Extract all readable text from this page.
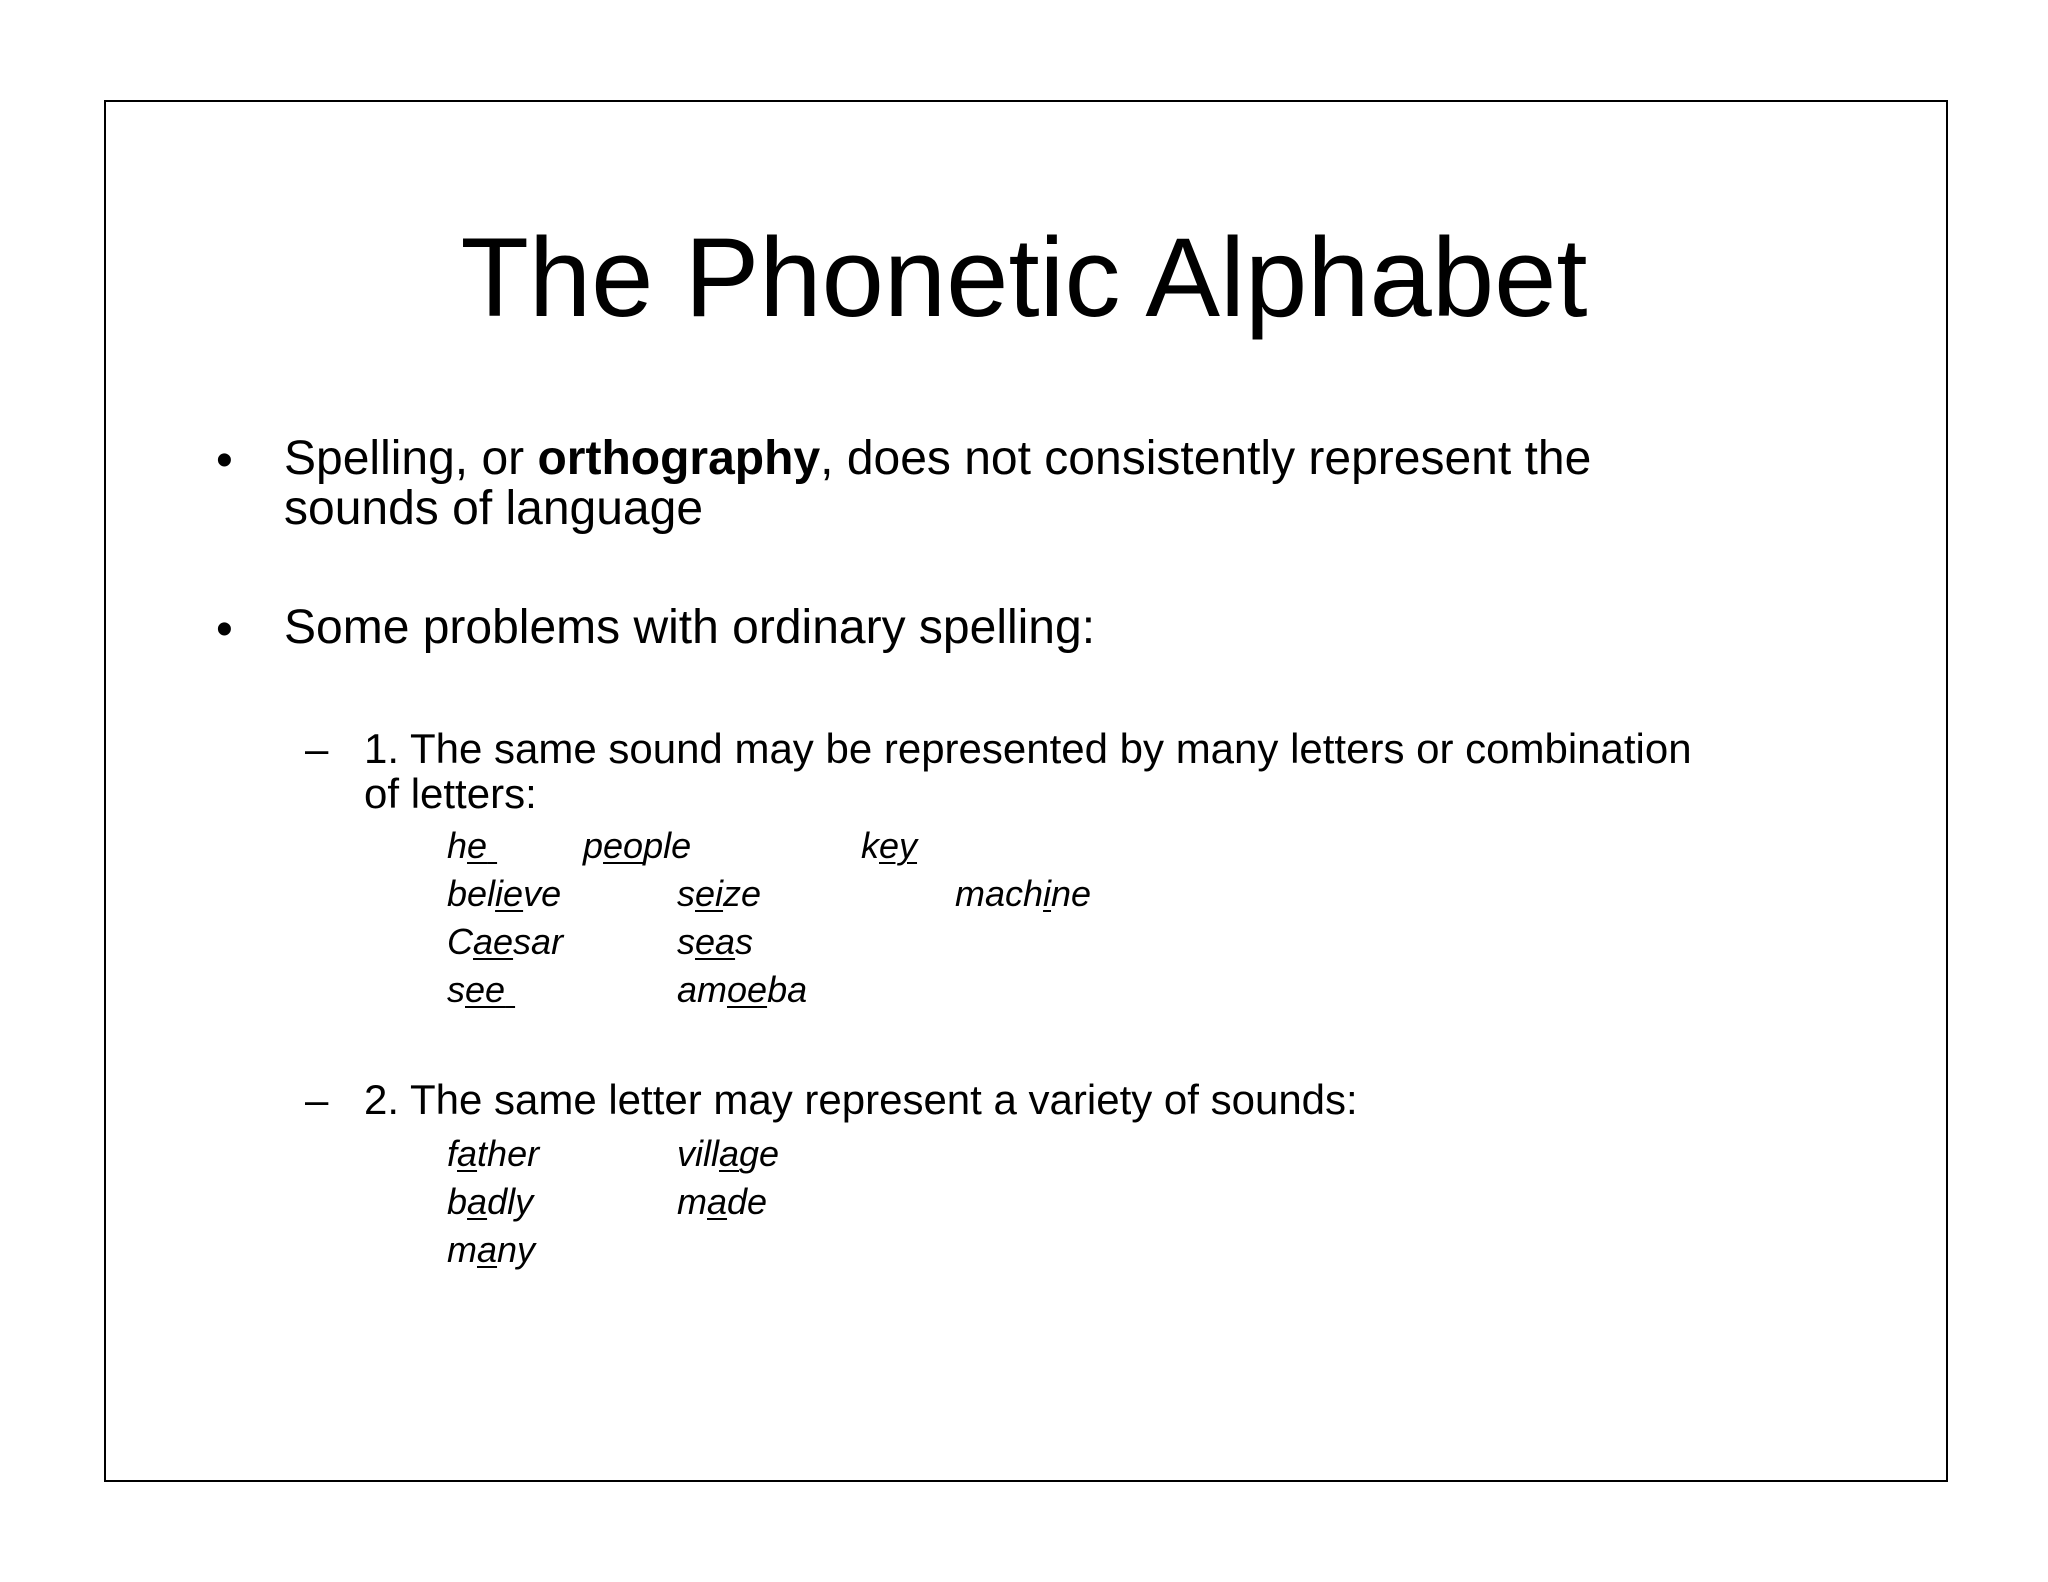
The Phonetic Alphabet
• Spelling, or orthography, does not consistently represent the
sounds of language
• Some problems with ordinary spelling:
– 1. The same sound may be represented by many letters or combination
of letters:
he	people	key
believe	seize	machine
Caesar	seas
see	amoeba
– 2. The same letter may represent a variety of sounds:
father	village
badly	made
many
